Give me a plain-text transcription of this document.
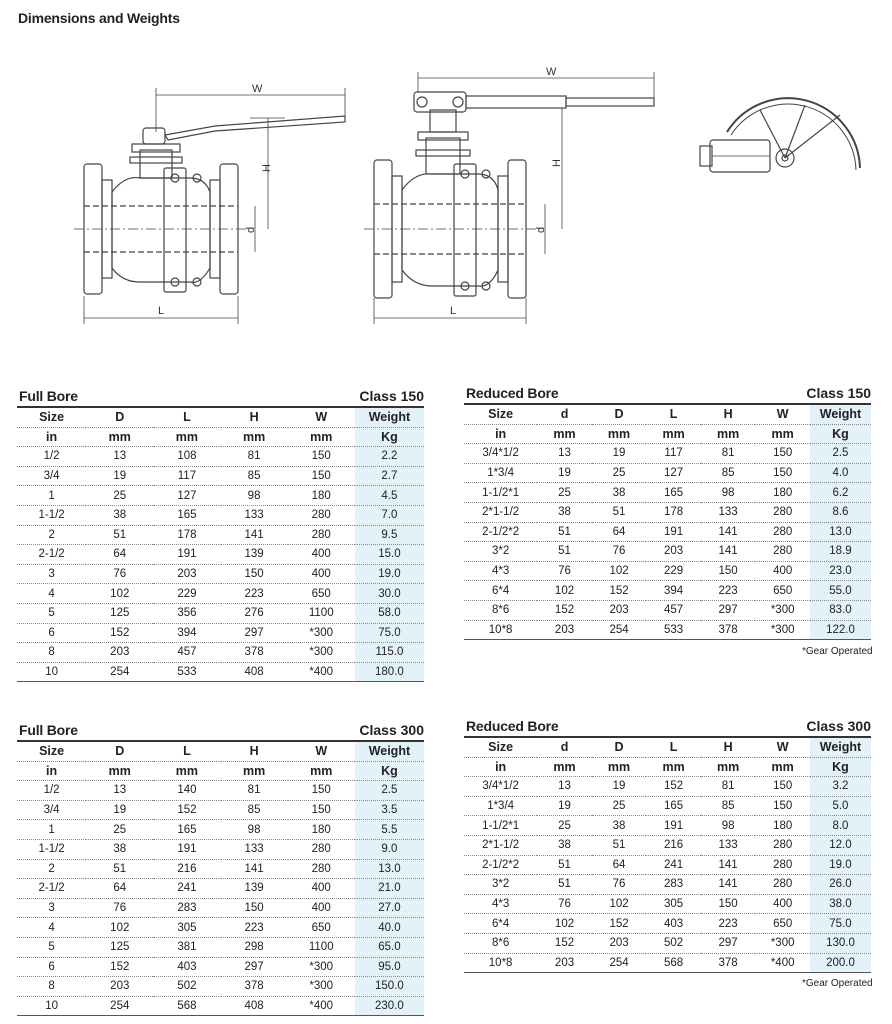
Dimensions and Weights
W
H
d
L
W
H
d
L
Full Bore	Class 150
Size	D	L	H	W	Weight
in	mm	mm	mm	mm	Kg
1/2	13	108	81	150	2.2
3/4	19	117	85	150	2.7
1	25	127	98	180	4.5
1-1/2	38	165	133	280	7.0
2	51	178	141	280	9.5
2-1/2	64	191	139	400	15.0
3	76	203	150	400	19.0
4	102	229	223	650	30.0
5	125	356	276	1100	58.0
6	152	394	297	*300	75.0
8	203	457	378	*300	115.0
10	254	533	408	*400	180.0
Reduced Bore	Class 150
Size	d	D	L	H	W	Weight
in	mm	mm	mm	mm	mm	Kg
3/4*1/2	13	19	117	81	150	2.5
1*3/4	19	25	127	85	150	4.0
1-1/2*1	25	38	165	98	180	6.2
2*1-1/2	38	51	178	133	280	8.6
2-1/2*2	51	64	191	141	280	13.0
3*2	51	76	203	141	280	18.9
4*3	76	102	229	150	400	23.0
6*4	102	152	394	223	650	55.0
8*6	152	203	457	297	*300	83.0
10*8	203	254	533	378	*300	122.0
*Gear Operated
Full Bore	Class 300
Size	D	L	H	W	Weight
in	mm	mm	mm	mm	Kg
1/2	13	140	81	150	2.5
3/4	19	152	85	150	3.5
1	25	165	98	180	5.5
1-1/2	38	191	133	280	9.0
2	51	216	141	280	13.0
2-1/2	64	241	139	400	21.0
3	76	283	150	400	27.0
4	102	305	223	650	40.0
5	125	381	298	1100	65.0
6	152	403	297	*300	95.0
8	203	502	378	*300	150.0
10	254	568	408	*400	230.0
Reduced Bore	Class 300
Size	d	D	L	H	W	Weight
in	mm	mm	mm	mm	mm	Kg
3/4*1/2	13	19	152	81	150	3.2
1*3/4	19	25	165	85	150	5.0
1-1/2*1	25	38	191	98	180	8.0
2*1-1/2	38	51	216	133	280	12.0
2-1/2*2	51	64	241	141	280	19.0
3*2	51	76	283	141	280	26.0
4*3	76	102	305	150	400	38.0
6*4	102	152	403	223	650	75.0
8*6	152	203	502	297	*300	130.0
10*8	203	254	568	378	*400	200.0
*Gear Operated
